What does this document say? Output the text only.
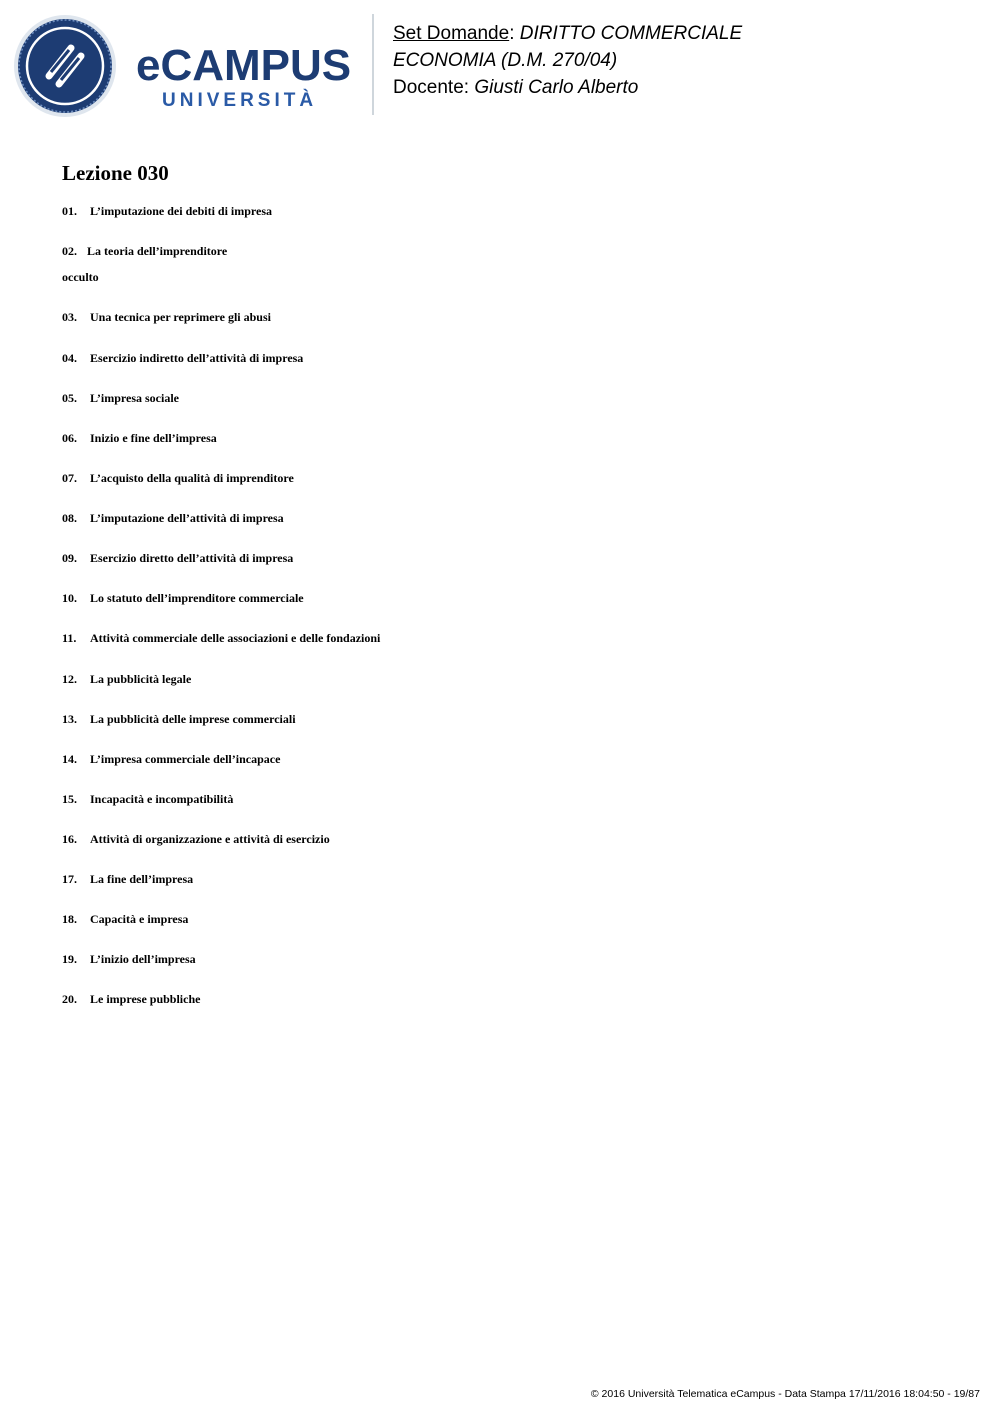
eCAMPUS
UNIVERSITÀ
Set Domande: DIRITTO COMMERCIALE
ECONOMIA (D.M. 270/04)
Docente: Giusti Carlo Alberto
Lezione 030
01. L’imputazione dei debiti di impresa
02. La teoria dell’imprenditore
occulto
03. Una tecnica per reprimere gli abusi
04. Esercizio indiretto dell’attività di impresa
05. L’impresa sociale
06. Inizio e fine dell’impresa
07. L’acquisto della qualità di imprenditore
08. L’imputazione dell’attività di impresa
09. Esercizio diretto dell’attività di impresa
10. Lo statuto dell’imprenditore commerciale
11. Attività commerciale delle associazioni e delle fondazioni
12. La pubblicità legale
13. La pubblicità delle imprese commerciali
14. L’impresa commerciale dell’incapace
15. Incapacità e incompatibilità
16. Attività di organizzazione e attività di esercizio
17. La fine dell’impresa
18. Capacità e impresa
19. L’inizio dell’impresa
20. Le imprese pubbliche
© 2016 Università Telematica eCampus - Data Stampa 17/11/2016 18:04:50 - 19/87
